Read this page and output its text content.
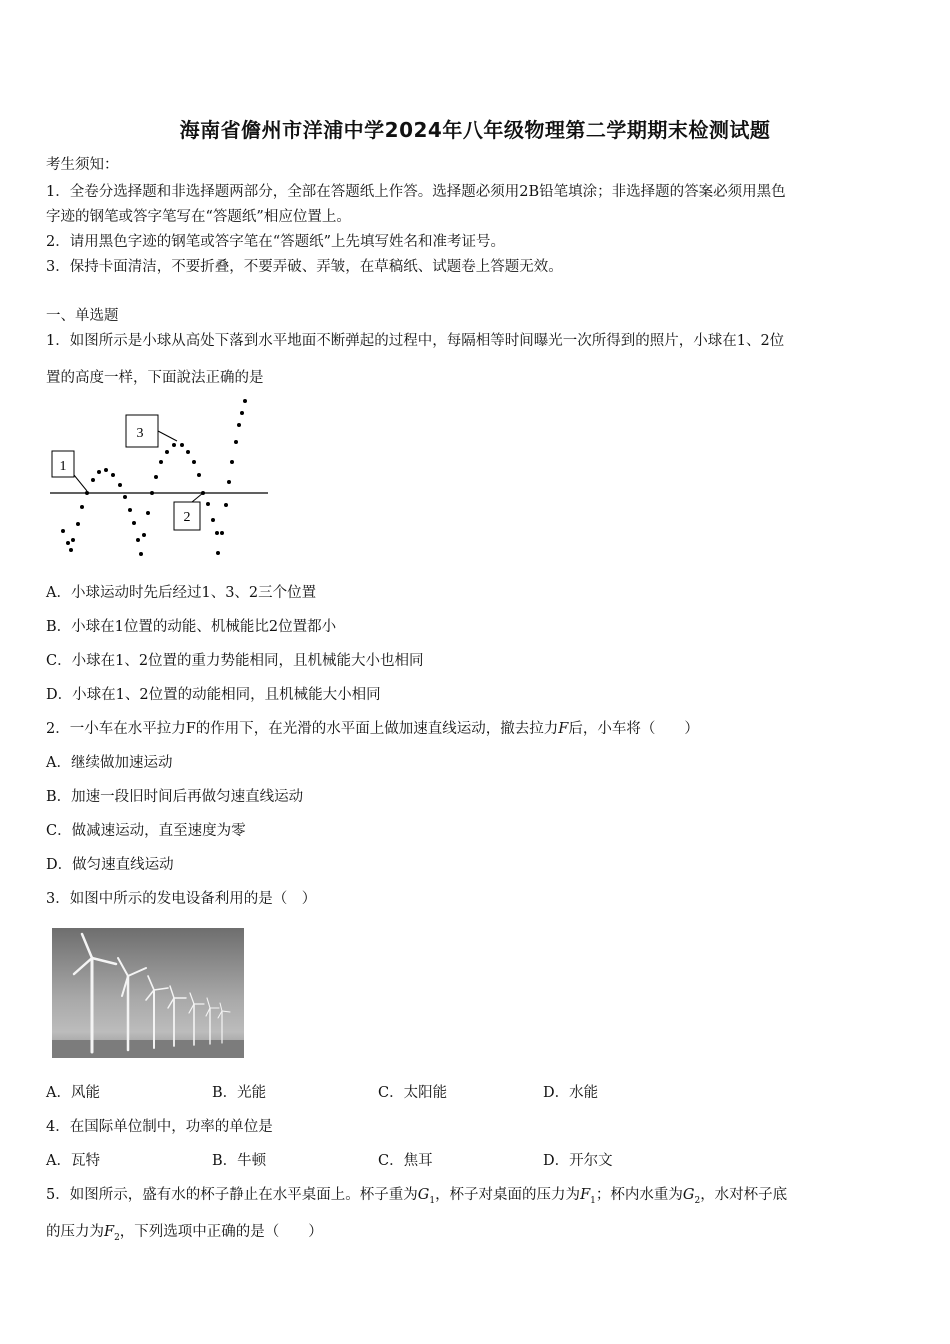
海南省儋州市洋浦中学2024年八年级物理第二学期期末检测试题
考生须知：
1．全卷分选择题和非选择题两部分，全部在答题纸上作答。选择题必须用2B铅笔填涂；非选择题的答案必须用黑色
字迹的钢笔或答字笔写在“答题纸”相应位置上。
2．请用黑色字迹的钢笔或答字笔在“答题纸”上先填写姓名和准考证号。
3．保持卡面清洁，不要折叠，不要弄破、弄皱，在草稿纸、试题卷上答题无效。
一、单选题
1．如图所示是小球从高处下落到水平地面不断弹起的过程中，每隔相等时间曝光一次所得到的照片，小球在1、2位
置的高度一样，下面說法正确的是
1
3
2
A．小球运动时先后经过1、3、2三个位置
B．小球在1位置的动能、机械能比2位置都小
C．小球在1、2位置的重力势能相同，且机械能大小也相同
D．小球在1、2位置的动能相同，且机械能大小相同
2．一小车在水平拉力F的作用下，在光滑的水平面上做加速直线运动，撤去拉力F后，小车将（　　）
A．继续做加速运动
B．加速一段旧时间后再做匀速直线运动
C．做减速运动，直至速度为零
D．做匀速直线运动
3．如图中所示的发电设备利用的是（　）
A．风能	B．光能	C．太阳能	D．水能
4．在国际单位制中，功率的单位是
A．瓦特	B．牛顿	C．焦耳	D．开尔文
5．如图所示，盛有水的杯子静止在水平桌面上。杯子重为$G_1$，杯子对桌面的压力为$F_1$；杯内水重为$G_2$，水对杯子底
的压力为$F_2$，下列选项中正确的是（　　）
